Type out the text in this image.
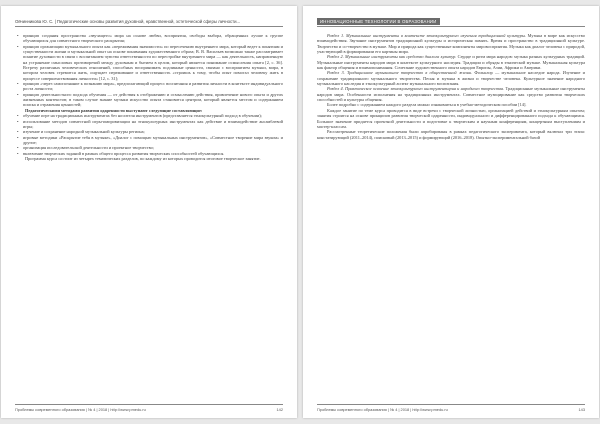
Овчинникова Ю. С. | Педагогические основы развития духовной, нравственной, эстетической сферы личности...
• принцип создания пространства «звучащего» мира на основе любви, восприятия, свободы выбора, обращенных лучше к группе обучающихся для совместного творческого раскрытия;
• принцип организации музыкального опыта как «переживания значимости» по пересечению внутреннего мира, который ведет к понятиям и существенности жизни и музыкальной опыт на основе понимания художественного образа; В. В. Васильев возможно также рассматривает понятие духовности в связи с воспитанием чувства ответственности по перестройке внутреннего мира — как деятельность, направленную на устранение смысловых противоречий между духовным и бытием в целом, который является понимание осмысления опыта [2, с. 36]. Встречу различных человеческих отношений, способных воспринимать подлинные ценности, связано с восприятием музыки, мира, в котором человек стремится жить, ощущает переживание и ответственность «строишь к тому, чтобы опыт помогал человеку жить в процессе совершенствования личности» [12, с. 31];
• принцип «через самопознание к познанию мира», предполагающий процесс воспитания и развития личности в контексте индивидуального роста личности;
• принцип деятельностного подхода обучения — от действия к отображению и осмыслению действия, привлечение нового опыта и других жизненных контекстов; в таком случае знание музыки искусство опыта становится центром, который является местом и содержанием поиска и отражения ценностей;

Педагогическими методами развития одаренности выступают следующие составляющие:

• обучение игре на традиционных инструментах без носителя инструментов (представляется этнокультурный подход в обучении);
• использование методов совместной игры-импровизации на этнокультурных инструментах как действие и взаимодействие ансамблевой игры;
• изучение и сохранение народной музыкальной культуры региона;
• игровые методики «Раскрытие тебя в музыке», «Диалог с помощью музыкальных инструментов», «Совместное творение мира звуком» и другие;
• организация исследовательской деятельности и проектное творчество;
• включение творческих заданий в рамках общего процесса развития творческих способностей обучающихся.

Программа курса состоит из четырех тематических разделов, по каждому из которых проводится итоговое творческое занятие.

Проблемы современного образования | № 4 | 2018 | http://www.pmedu.ru	142
ИННОВАЦИОННЫЕ ТЕХНОЛОГИИ В ОБРАЗОВАНИИ

Раздел 1. Музыкальные инструменты в контексте этнокультурного изучения традиционной культуры. Музыка в мире как искусство взаимодействия. Звучание инструментов традиционной культуры и историческая память. Время и пространство в традиционной культуре. Творчество и со-творчество в музыке. Мир и природа как существенные компоненты мировосприятия. Музыка как диалог человека с природой, участвующий в формировании его картины мира.

Раздел 2. Музыкальные инструменты как средство диалога культур. Сердце и ритм мира народов: музыка разных культурных традиций. Музыкальные инструменты народов мира в контексте культурного наследия. Традиции и обряды в этнической музыке. Музыкальная культура как фактор общения и взаимопонимания. Сочетание художественного опыта народов Европы, Азии, Африки и Америки.

Раздел 3. Традиционное музыкальное творчество в общественной жизни. Фольклор — музыкальное наследие народа. Изучение и сохранение традиционного музыкального творчества. Песня и музыка в жизни и творчестве человека. Культурное значение народного музыкального наследия и этнокультурный аспект музыкального воспитания.

Раздел 4. Практическое освоение этнокультурного инструментария и народного творчества. Традиционные музыкальные инструменты народов мира. Особенности исполнения на традиционных инструментах. Совместное музицирование как средство развития творческих способностей и культуры общения.

Более подробно с содержанием каждого раздела можно ознакомиться в учебно-методическом пособии [14].

Каждое занятие по теме курса проводится в виде встречи с творческой личностью, организацией действий и этнокультурным опытом; занятия строятся на основе принципов развития творческой одаренности, индивидуального и дифференцированного подхода к обучающимся. Большое значение придается проектной деятельности и подготовке к творческим и научным конференциям, концертным выступлениям и мастер-классам.

Рассмотренные теоретические положения были апробированы в рамках педагогического эксперимента, который включал три этапа: констатирующий (2011–2014), поисковый (2013–2015) и формирующий (2016–2018). Опытно-экспериментальной базой

Проблемы современного образования | № 4 | 2018 | http://www.pmedu.ru	143
